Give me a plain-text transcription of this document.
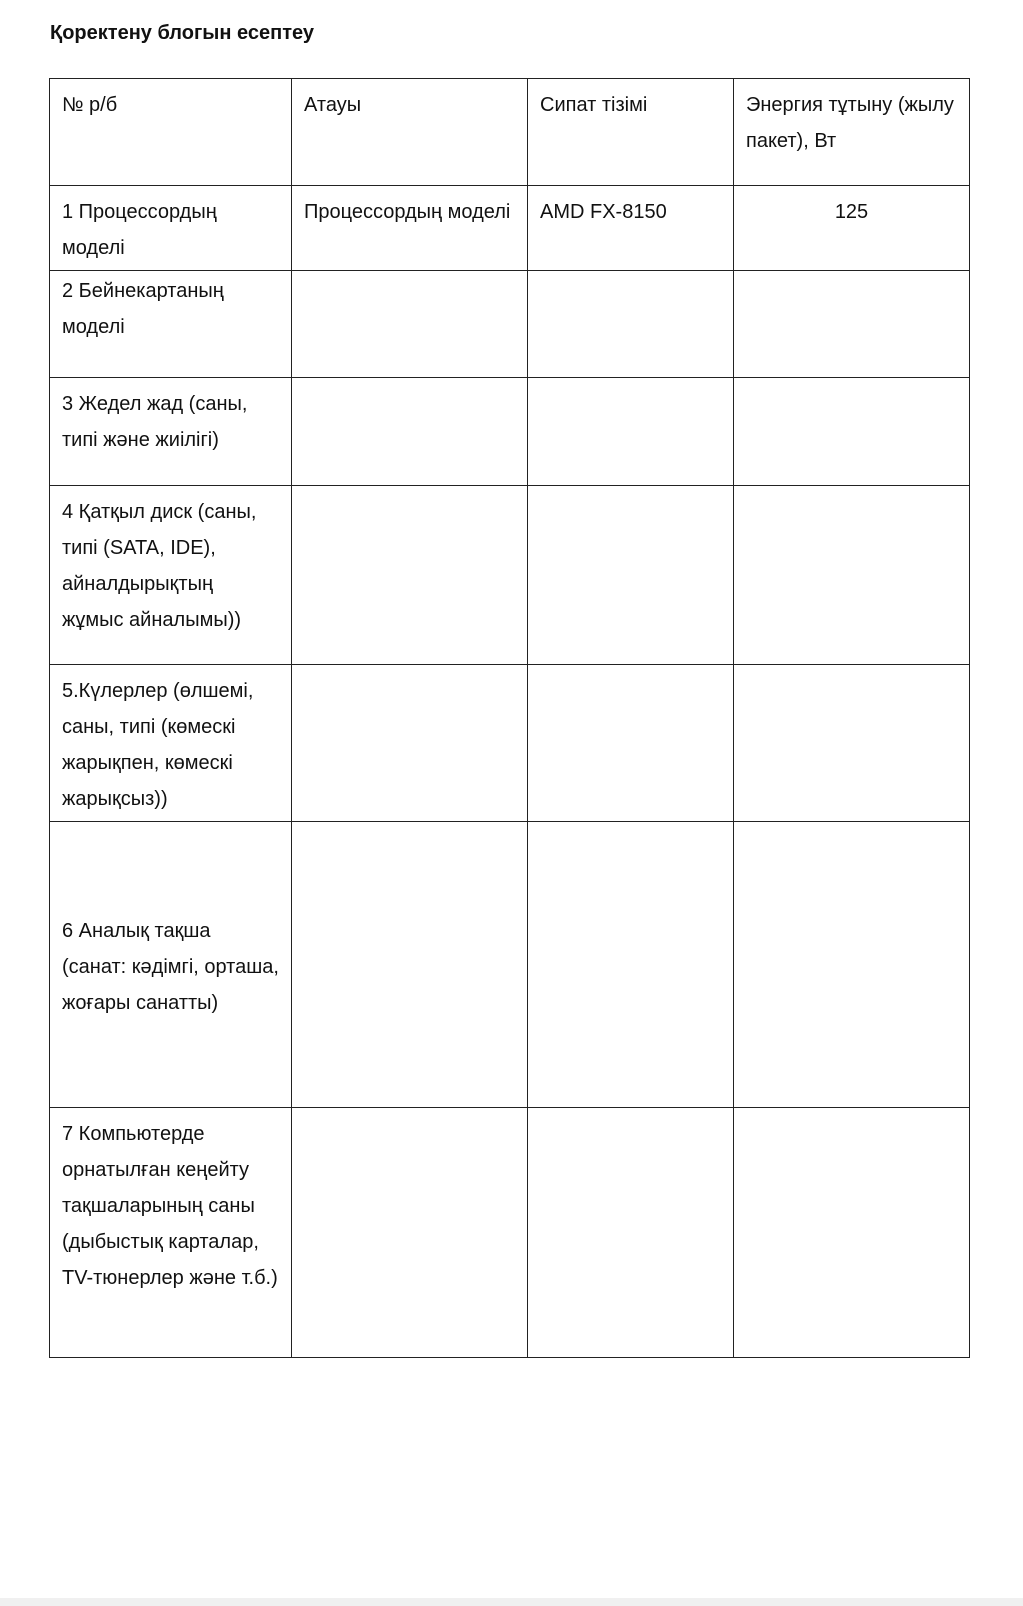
Қоректену блогын есептеу
№ р/б	Атауы	Сипат тізімі	Энергия тұтыну (жылу пакет), Вт
1 Процессордың моделі	Процессордың моделі	AMD FX-8150	125
2 Бейнекартаның моделі			
3 Жедел жад (саны, типі және жиілігі)			
4 Қатқыл диск (саны, типі (SATA, IDE), айналдырықтың жұмыс айналымы))			
5.Күлерлер (өлшемі, саны, типі (көмескі жарықпен, көмескі жарықсыз))			
6 Аналық тақша (санат: кәдімгі, орташа, жоғары санатты)			
7 Компьютерде орнатылған кеңейту тақшаларының саны (дыбыстық карталар, TV-тюнерлер және т.б.)			
